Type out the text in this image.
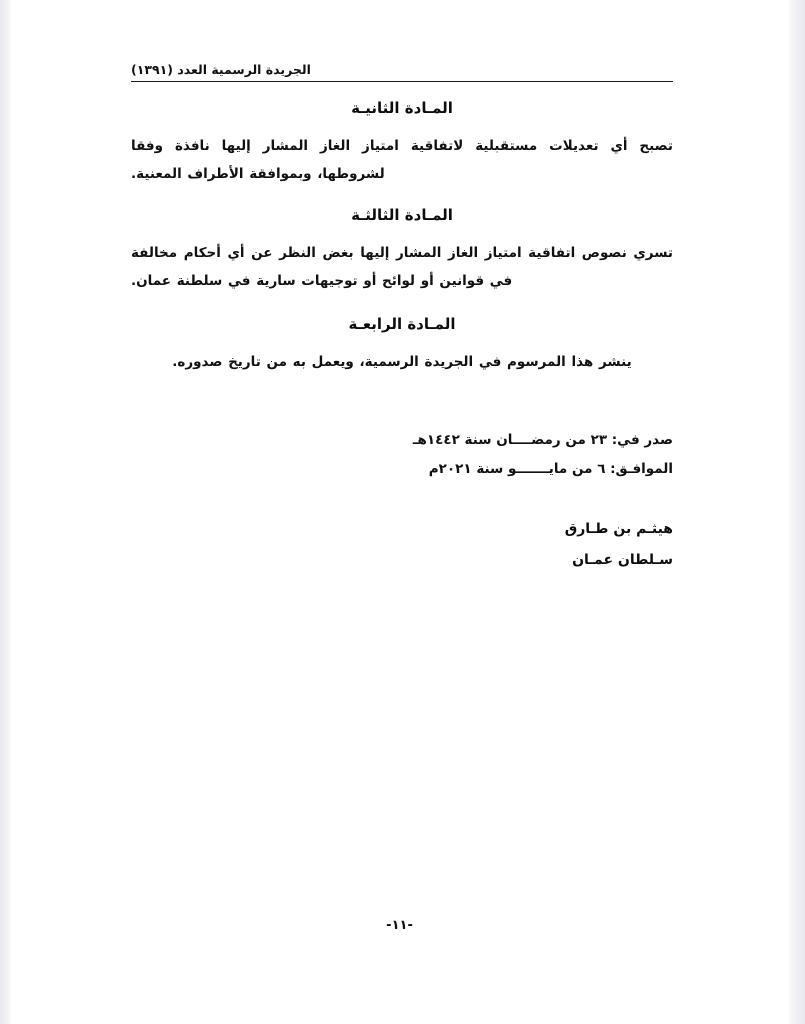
الجريدة الرسمية العدد (١٣٩١)
المـادة الثانيـة
تصبح أي تعديلات مستقبلية لاتفاقية امتياز الغاز المشار إليها نافذة وفقا لشروطها، وبموافقة الأطراف المعنية.
المـادة الثالثـة
تسري نصوص اتفاقية امتياز الغاز المشار إليها بغض النظر عن أي أحكام مخالفة في قوانين أو لوائح أو توجيهات سارية في سلطنة عمان.
المـادة الرابعـة
ينشر هذا المرسوم في الجريدة الرسمية، ويعمل به من تاريخ صدوره.
صدر في: ٢٣ من رمضــــان سنة ١٤٤٢هـ
الموافـق: ٦ من مايـــــــو سنة ٢٠٢١م
هيثـم بن طـارق
سـلطان عمـان
-١١-
